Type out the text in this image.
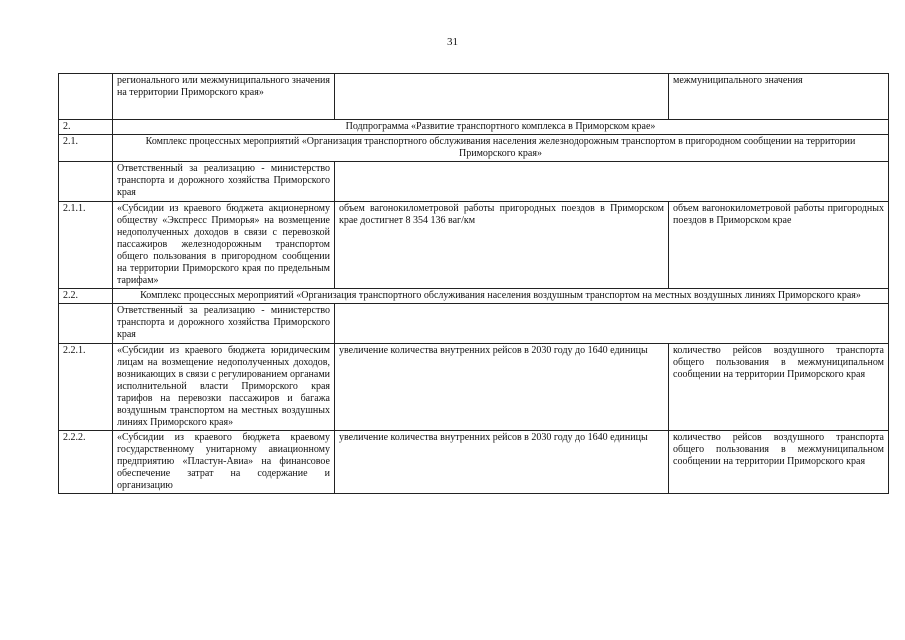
31
	регионального или межмуниципального значения на территории Приморского края»		межмуниципального значения
2.	Подпрограмма «Развитие транспортного комплекса в Приморском крае»		
2.1.	Комплекс процессных мероприятий «Организация транспортного обслуживания населения железнодорожным транспортом в пригородном сообщении на территории Приморского края»		
	Ответственный за реализацию - министерство транспорта и дорожного хозяйства Приморского края		
2.1.1.	«Субсидии из краевого бюджета акционерному обществу «Экспресс Приморья» на возмещение недополученных доходов в связи с перевозкой пассажиров железнодорожным транспортом общего пользования в пригородном сообщении на территории Приморского края по предельным тарифам»	объем вагонокилометровой работы пригородных поездов в Приморском крае достигнет 8 354 136 ваг/км	объем вагонокилометровой работы пригородных поездов в Приморском крае
2.2.	Комплекс процессных мероприятий «Организация транспортного обслуживания населения воздушным транспортом на местных воздушных линиях Приморского края»		
	Ответственный за реализацию - министерство транспорта и дорожного хозяйства Приморского края		
2.2.1.	«Субсидии из краевого бюджета юридическим лицам на возмещение недополученных доходов, возникающих в связи с регулированием органами исполнительной власти Приморского края тарифов на перевозки пассажиров и багажа воздушным транспортом на местных воздушных линиях Приморского края»	увеличение количества внутренних рейсов в 2030 году до 1640 единицы	количество рейсов воздушного транспорта общего пользования в межмуниципальном сообщении на территории Приморского края
2.2.2.	«Субсидии из краевого бюджета краевому государственному унитарному авиационному предприятию «Пластун-Авиа» на финансовое обеспечение затрат на содержание и организацию	увеличение количества внутренних рейсов в 2030 году до 1640 единицы	количество рейсов воздушного транспорта общего пользования в межмуниципальном сообщении на территории Приморского края
